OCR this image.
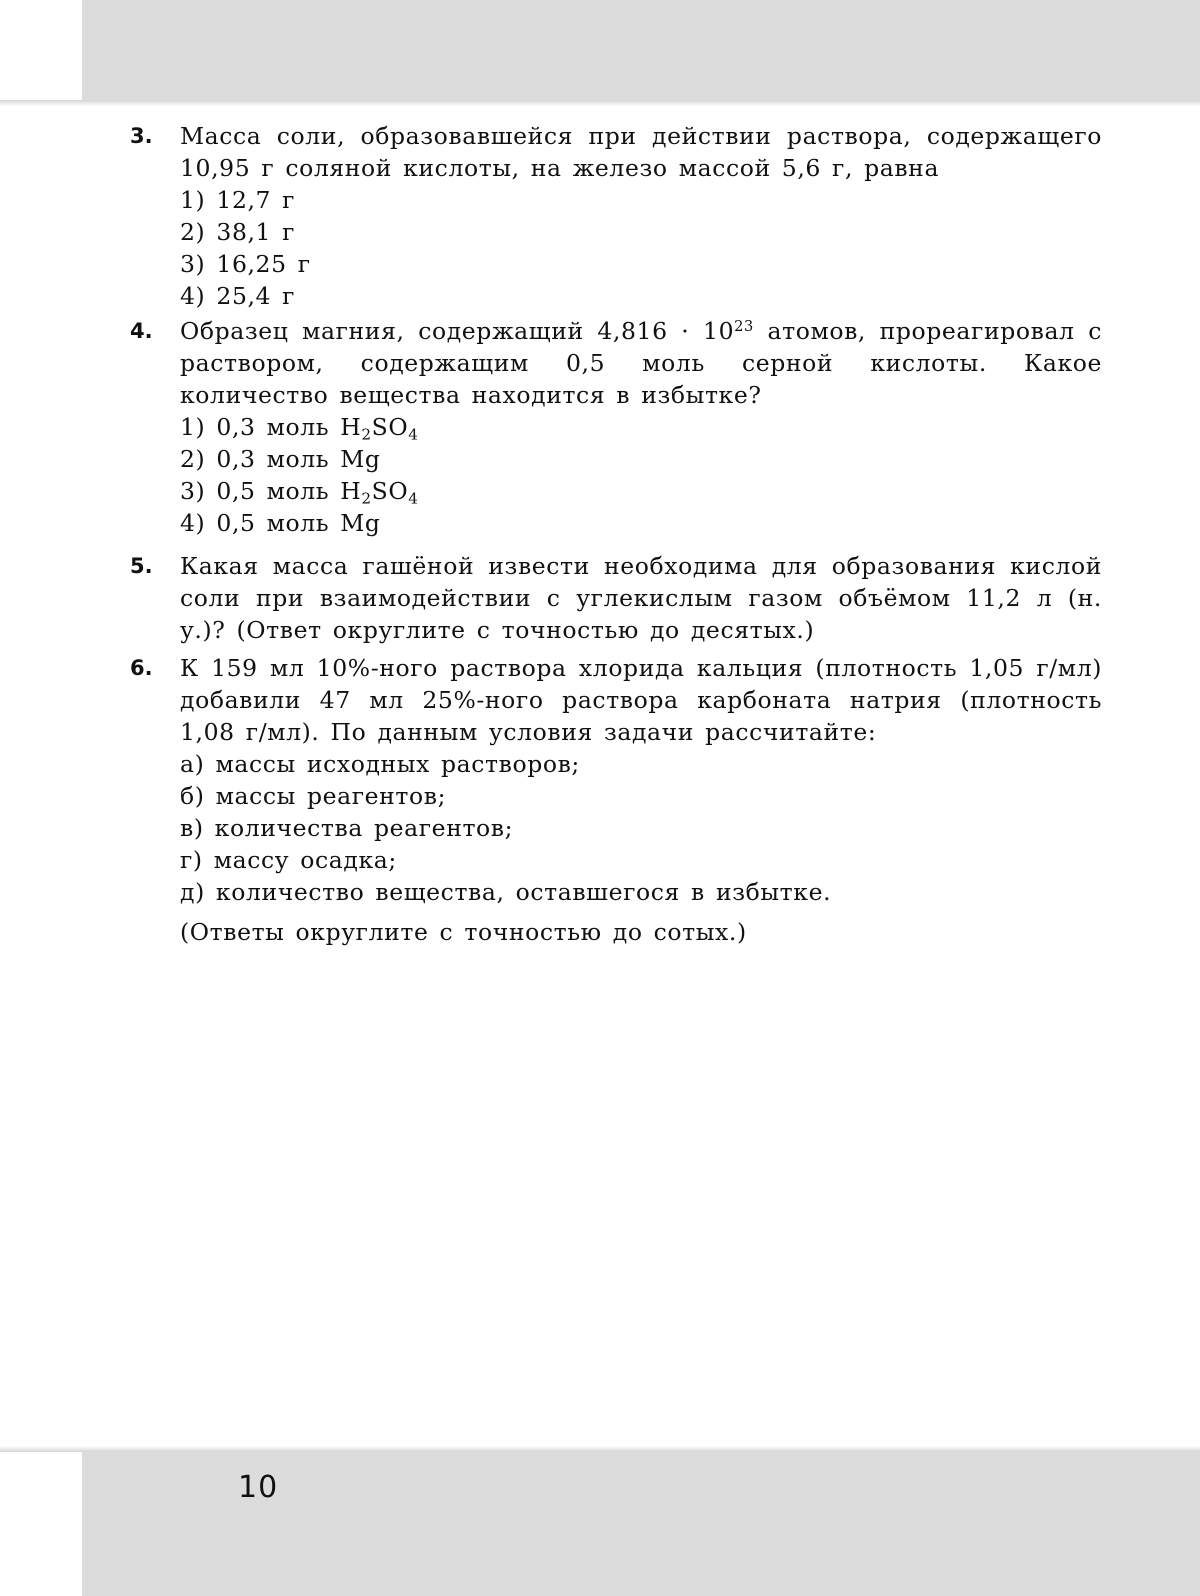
3.	Масса соли, образовавшейся при действии раствора, содержащего 10,95 г соляной кислоты, на железо массой 5,6 г, равна
1) 12,7 г
2) 38,1 г
3) 16,25 г
4) 25,4 г
4.	Образец магния, содержащий $4,816 \cdot 10^{23}$ атомов, прореагировал с раствором, содержащим 0,5 моль серной кислоты. Какое количество вещества находится в избытке?
1) 0,3 моль $H_2SO_4$
2) 0,3 моль Mg
3) 0,5 моль $H_2SO_4$
4) 0,5 моль Mg
5.	Какая масса гашёной извести необходима для образования кислой соли при взаимодействии с углекислым газом объёмом 11,2 л (н. у.)? (Ответ округлите с точностью до десятых.)
6.	К 159 мл 10%-ного раствора хлорида кальция (плотность 1,05 г/мл) добавили 47 мл 25%-ного раствора карбоната натрия (плотность 1,08 г/мл). По данным условия задачи рассчитайте:
а) массы исходных растворов;
б) массы реагентов;
в) количества реагентов;
г) массу осадка;
д) количество вещества, оставшегося в избытке.
(Ответы округлите с точностью до сотых.)
10
